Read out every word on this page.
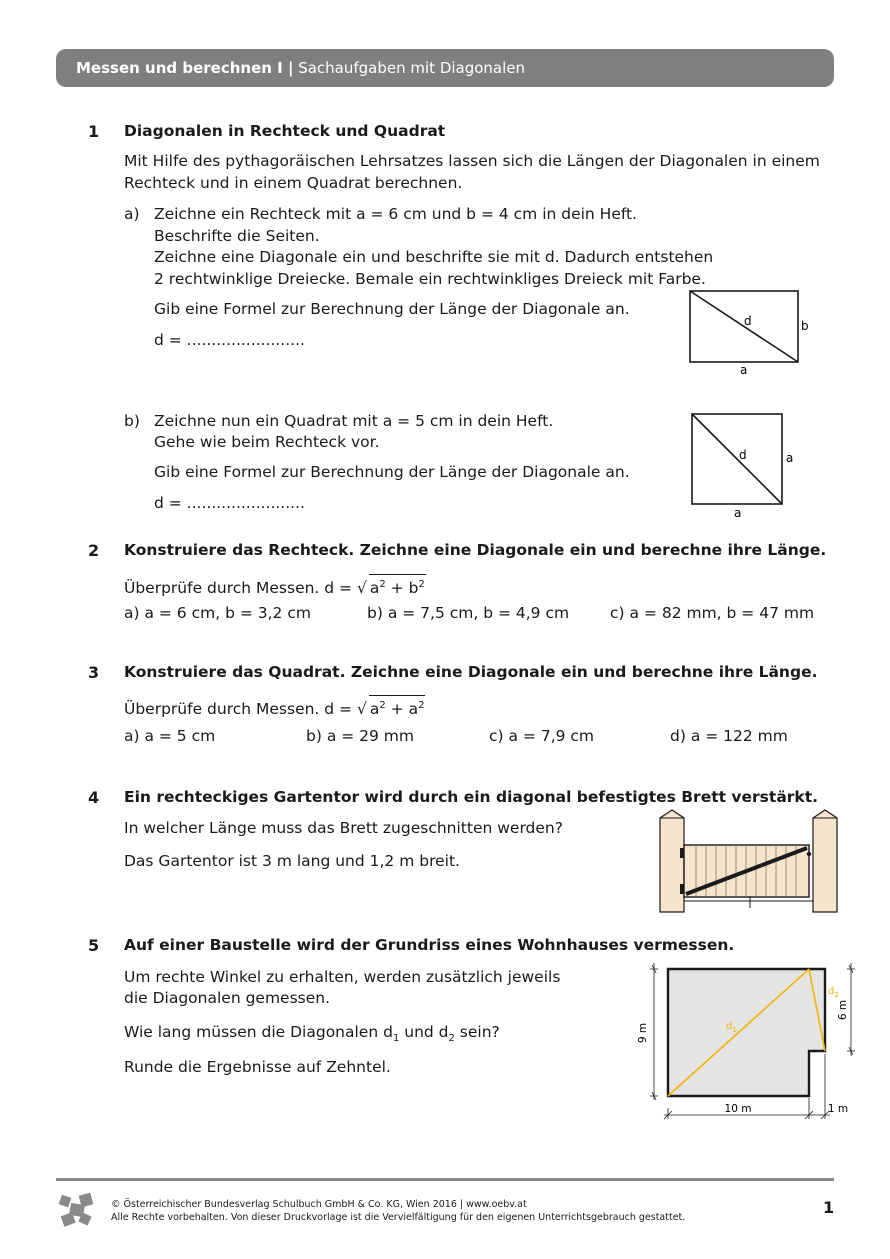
Messen und berechnen I | Sachaufgaben mit Diagonalen
1 Diagonalen in Rechteck und Quadrat
Mit Hilfe des pythagoräischen Lehrsatzes lassen sich die Längen der Diagonalen in einem
Rechteck und in einem Quadrat berechnen.
a) Zeichne ein Rechteck mit a = 6 cm und b = 4 cm in dein Heft.
Beschrifte die Seiten.
Zeichne eine Diagonale ein und beschrifte sie mit d. Dadurch entstehen
2 rechtwinklige Dreiecke. Bemale ein rechtwinkliges Dreieck mit Farbe.
Gib eine Formel zur Berechnung der Länge der Diagonale an.
d = ........................
d	b
a
b) Zeichne nun ein Quadrat mit a = 5 cm in dein Heft.
Gehe wie beim Rechteck vor.
Gib eine Formel zur Berechnung der Länge der Diagonale an.
d = ........................
d	a
a
2 Konstruiere das Rechteck. Zeichne eine Diagonale ein und berechne ihre Länge.
Überprüfe durch Messen. d = √ $a^2 + b^2$
a) a = 6 cm, b = 3,2 cm	b) a = 7,5 cm, b = 4,9 cm	c) a = 82 mm, b = 47 mm
3 Konstruiere das Quadrat. Zeichne eine Diagonale ein und berechne ihre Länge.
Überprüfe durch Messen. d = √ $a^2 + a^2$
a) a = 5 cm	b) a = 29 mm	c) a = 7,9 cm	d) a = 122 mm
4 Ein rechteckiges Gartentor wird durch ein diagonal befestigtes Brett verstärkt.
In welcher Länge muss das Brett zugeschnitten werden?
Das Gartentor ist 3 m lang und 1,2 m breit.
5 Auf einer Baustelle wird der Grundriss eines Wohnhauses vermessen.
Um rechte Winkel zu erhalten, werden zusätzlich jeweils
die Diagonalen gemessen.
Wie lang müssen die Diagonalen $d_1$ und $d_2$ sein?
Runde die Ergebnisse auf Zehntel.
$d_1$
$d_2$
9 m
6 m
10 m	1 m
© Österreichischer Bundesverlag Schulbuch GmbH & Co. KG, Wien 2016 | www.oebv.at
Alle Rechte vorbehalten. Von dieser Druckvorlage ist die Vervielfältigung für den eigenen Unterrichtsgebrauch gestattet.
1
